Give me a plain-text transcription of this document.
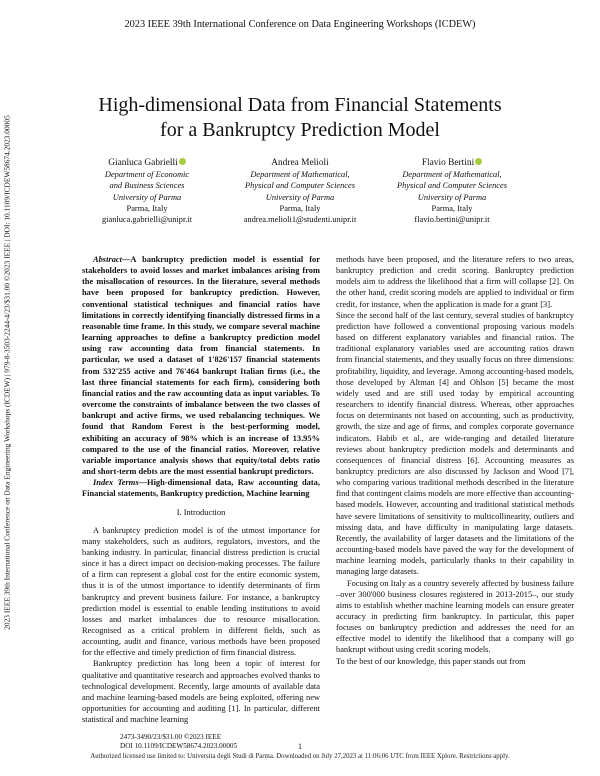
2023 IEEE 39th International Conference on Data Engineering Workshops (ICDEW)
2023 IEEE 39th International Conference on Data Engineering Workshops (ICDEW) | 979-8-3503-2244-4/23/$31.00 ©2023 IEEE | DOI: 10.1109/ICDEW58674.2023.00005
High-dimensional Data from Financial Statements
for a Bankruptcy Prediction Model
Gianluca Gabrielli
Department of Economic
and Business Sciences
University of Parma
Parma, Italy
gianluca.gabrielli@unipr.it
Andrea Melioli
Department of Mathematical,
Physical and Computer Sciences
University of Parma
Parma, Italy
andrea.melioli1@studenti.unipr.it
Flavio Bertini
Department of Mathematical,
Physical and Computer Sciences
University of Parma
Parma, Italy
flavio.bertini@unipr.it

Abstract—A bankruptcy prediction model is essential for stakeholders to avoid losses and market imbalances arising from the misallocation of resources. In the literature, several methods have been proposed for bankruptcy prediction. However, conventional statistical techniques and financial ratios have limitations in correctly identifying financially distressed firms in a reasonable time frame. In this study, we compare several machine learning approaches to define a bankruptcy prediction model using raw accounting data from financial statements. In particular, we used a dataset of 1'826'157 financial statements from 532'255 active and 76'464 bankrupt Italian firms (i.e., the last three financial statements for each firm), considering both financial ratios and the raw accounting data as input variables. To overcome the constraints of imbalance between the two classes of bankrupt and active firms, we used rebalancing techniques. We found that Random Forest is the best-performing model, exhibiting an accuracy of 98% which is an increase of 13.95% compared to the use of the financial ratios. Moreover, relative variable importance analysis shows that equity/total debts ratio and short-term debts are the most essential bankrupt predictors.

Index Terms—High-dimensional data, Raw accounting data, Financial statements, Bankruptcy prediction, Machine learning

I. Introduction

A bankruptcy prediction model is of the utmost importance for many stakeholders, such as auditors, regulators, investors, and the banking industry. In particular, financial distress prediction is crucial since it has a direct impact on decision-making processes. The failure of a firm can represent a global cost for the entire economic system, thus it is of the utmost importance to identify determinants of firm bankruptcy and prevent business failure. For instance, a bankruptcy prediction model is essential to enable lending institutions to avoid losses and market imbalances due to resource misallocation. Recognised as a critical problem in different fields, such as accounting, audit and finance, various methods have been proposed for the effective and timely prediction of firm financial distress.

Bankruptcy prediction has long been a topic of interest for qualitative and quantitative research and approaches evolved thanks to technological development. Recently, large amounts of available data and machine learning-based models are being exploited, offering new opportunities for accounting and auditing [1]. In particular, different statistical and machine learning

methods have been proposed, and the literature refers to two areas, bankruptcy prediction and credit scoring. Bankruptcy prediction models aim to address the likelihood that a firm will collapse [2]. On the other hand, credit scoring models are applied to individual or firm credit, for instance, when the application is made for a grant [3].

Since the second half of the last century, several studies of bankruptcy prediction have followed a conventional proposing various models based on different explanatory variables and financial ratios. The traditional explanatory variables used are accounting ratios drawn from financial statements, and they usually focus on three dimensions: profitability, liquidity, and leverage. Among accounting-based models, those developed by Altman [4] and Ohlson [5] became the most widely used and are still used today by empirical accounting researchers to identify financial distress. Whereas, other approaches focus on determinants not based on accounting, such as productivity, growth, the size and age of firms, and complex corporate governance indicators. Habib et al., are wide-ranging and detailed literature reviews about bankruptcy prediction models and determinants and consequences of financial distress [6]. Accounting measures as bankruptcy predictors are also discussed by Jackson and Wood [7], who comparing various traditional methods described in the literature find that contingent claims models are more effective than accounting-based models. However, accounting and traditional statistical methods have severe limitations of sensitivity to multicollinearity, outliers and missing data, and have difficulty in manipulating large datasets. Recently, the availability of larger datasets and the limitations of the accounting-based models have paved the way for the development of machine learning models, particularly thanks to their capability in managing large datasets.

Focusing on Italy as a country severely affected by business failure –over 300'000 business closures registered in 2013-2015–, our study aims to establish whether machine learning models can ensure greater accuracy in predicting firm bankruptcy. In particular, this paper focuses on bankruptcy prediction and addresses the need for an effective model to identify the likelihood that a company will go bankrupt without using credit scoring models.

To the best of our knowledge, this paper stands out from

2473-3490/23/$31.00 ©2023 IEEE
DOI 10.1109/ICDEW58674.2023.00005	1
Authorized licensed use limited to: Universita degli Studi di Parma. Downloaded on July 27,2023 at 11:06:06 UTC from IEEE Xplore. Restrictions apply.
